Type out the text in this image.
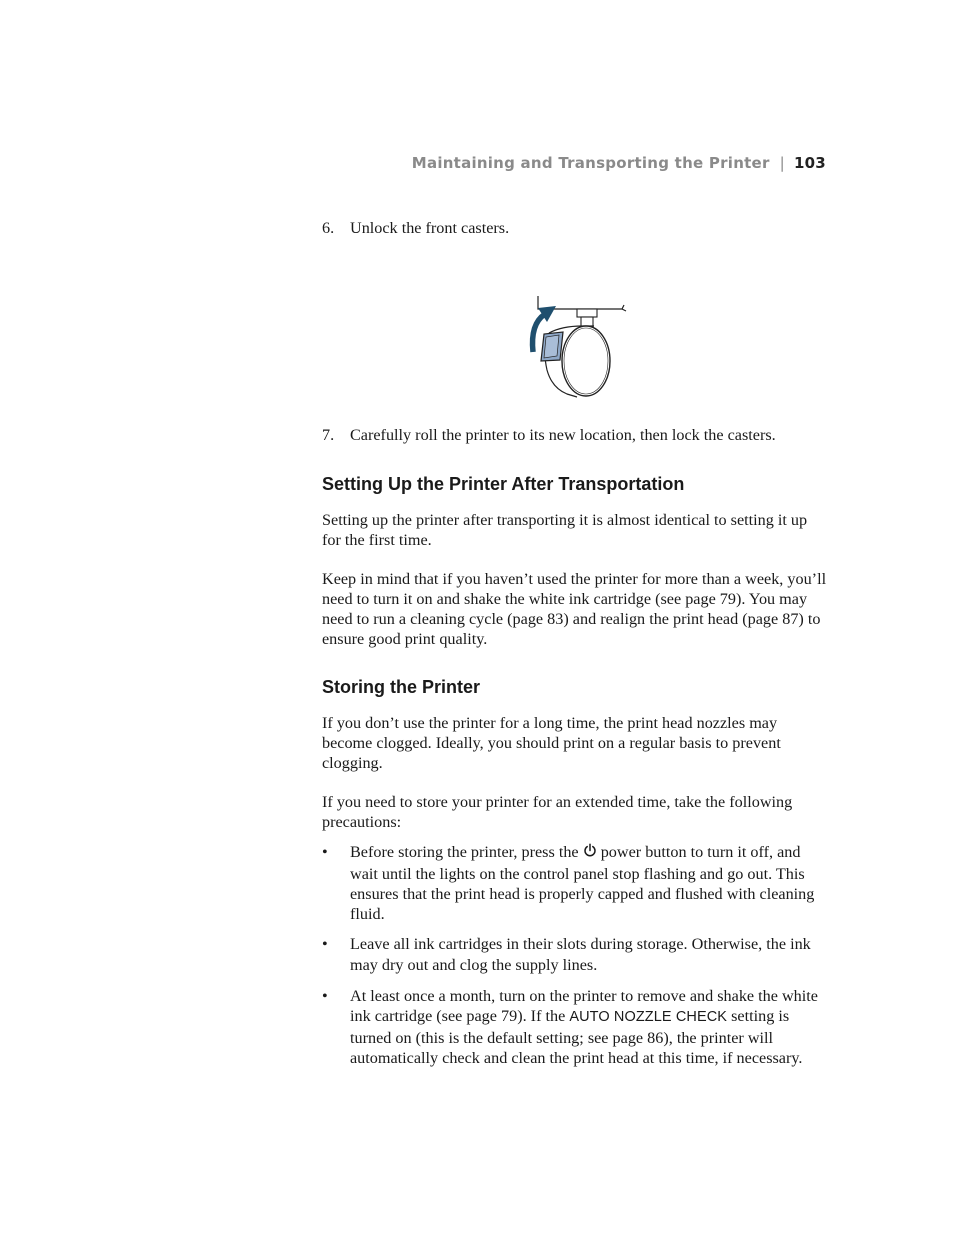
Maintaining and Transporting the Printer | 103
6. Unlock the front casters.
7. Carefully roll the printer to its new location, then lock the casters.
Setting Up the Printer After Transportation

Setting up the printer after transporting it is almost identical to setting it up for the first time.

Keep in mind that if you haven’t used the printer for more than a week, you’ll need to turn it on and shake the white ink cartridge (see page 79). You may need to run a cleaning cycle (page 83) and realign the print head (page 87) to ensure good print quality.

Storing the Printer

If you don’t use the printer for a long time, the print head nozzles may become clogged. Ideally, you should print on a regular basis to prevent clogging.

If you need to store your printer for an extended time, take the following precautions:

• Before storing the printer, press the power button to turn it off, and wait until the lights on the control panel stop flashing and go out. This ensures that the print head is properly capped and flushed with cleaning fluid.
• Leave all ink cartridges in their slots during storage. Otherwise, the ink may dry out and clog the supply lines.
• At least once a month, turn on the printer to remove and shake the white ink cartridge (see page 79). If the AUTO NOZZLE CHECK setting is turned on (this is the default setting; see page 86), the printer will automatically check and clean the print head at this time, if necessary.
